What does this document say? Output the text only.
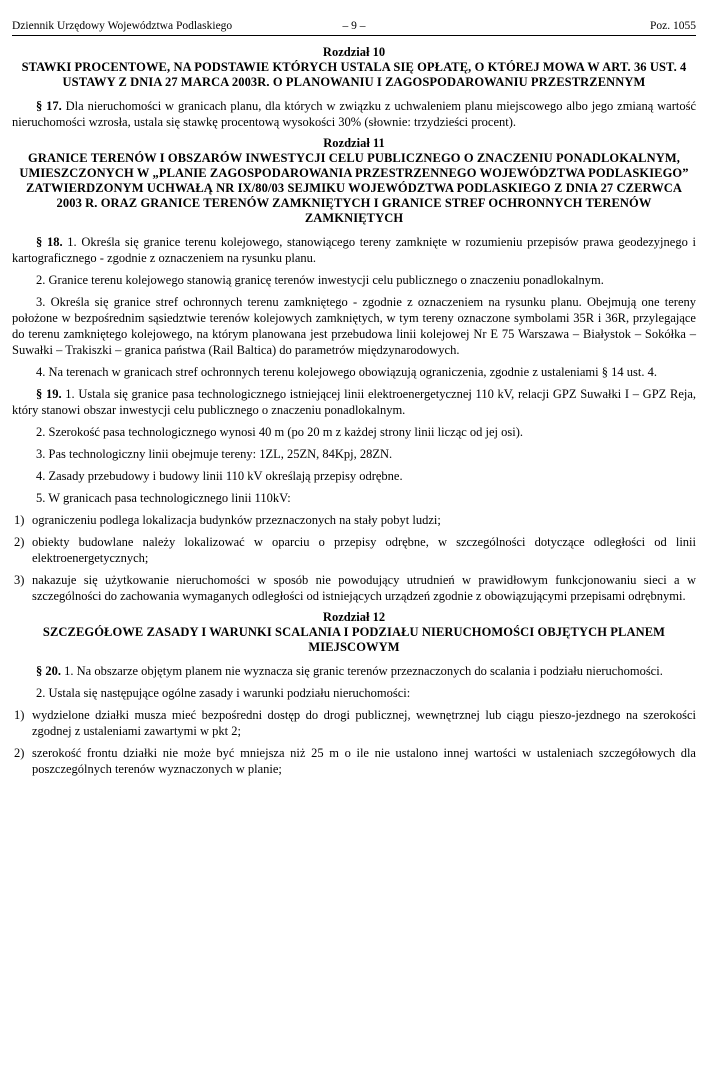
Dziennik Urzędowy Województwa Podlaskiego	– 9 –	Poz. 1055
Rozdział 10
STAWKI PROCENTOWE, NA PODSTAWIE KTÓRYCH USTALA SIĘ OPŁATĘ, O KTÓREJ MOWA W ART. 36 UST. 4 USTAWY Z DNIA 27 MARCA 2003R. O PLANOWANIU I ZAGOSPODAROWANIU PRZESTRZENNYM

§ 17. Dla nieruchomości w granicach planu, dla których w związku z uchwaleniem planu miejscowego albo jego zmianą wartość nieruchomości wzrosła, ustala się stawkę procentową wysokości 30% (słownie: trzydzieści procent).

Rozdział 11
GRANICE TERENÓW I OBSZARÓW INWESTYCJI CELU PUBLICZNEGO O ZNACZENIU PONADLOKALNYM, UMIESZCZONYCH W „PLANIE ZAGOSPODAROWANIA PRZESTRZENNEGO WOJEWÓDZTWA PODLASKIEGO” ZATWIERDZONYM UCHWAŁĄ NR IX/80/03 SEJMIKU WOJEWÓDZTWA PODLASKIEGO Z DNIA 27 CZERWCA 2003 R. ORAZ GRANICE TERENÓW ZAMKNIĘTYCH I GRANICE STREF OCHRONNYCH TERENÓW ZAMKNIĘTYCH

§ 18. 1. Określa się granice terenu kolejowego, stanowiącego tereny zamknięte w rozumieniu przepisów prawa geodezyjnego i kartograficznego - zgodnie z oznaczeniem na rysunku planu.

2. Granice terenu kolejowego stanowią granicę terenów inwestycji celu publicznego o znaczeniu ponadlokalnym.

3. Określa się granice stref ochronnych terenu zamkniętego - zgodnie z oznaczeniem na rysunku planu. Obejmują one tereny położone w bezpośrednim sąsiedztwie terenów kolejowych zamkniętych, w tym tereny oznaczone symbolami 35R i 36R, przylegające do terenu zamkniętego kolejowego, na którym planowana jest przebudowa linii kolejowej Nr E 75 Warszawa – Białystok – Sokółka – Suwałki – Trakiszki – granica państwa (Rail Baltica) do parametrów międzynarodowych.

4. Na terenach w granicach stref ochronnych terenu kolejowego obowiązują ograniczenia, zgodnie z ustaleniami § 14 ust. 4.

§ 19. 1. Ustala się granice pasa technologicznego istniejącej linii elektroenergetycznej 110 kV, relacji GPZ Suwałki I – GPZ Reja, który stanowi obszar inwestycji celu publicznego o znaczeniu ponadlokalnym.

2. Szerokość pasa technologicznego wynosi 40 m (po 20 m z każdej strony linii licząc od jej osi).

3. Pas technologiczny linii obejmuje tereny: 1ZL, 25ZN, 84Kpj, 28ZN.

4. Zasady przebudowy i budowy linii 110 kV określają przepisy odrębne.

5. W granicach pasa technologicznego linii 110kV:

1) ograniczeniu podlega lokalizacja budynków przeznaczonych na stały pobyt ludzi;
2) obiekty budowlane należy lokalizować w oparciu o przepisy odrębne, w szczególności dotyczące odległości od linii elektroenergetycznych;
3) nakazuje się użytkowanie nieruchomości w sposób nie powodujący utrudnień w prawidłowym funkcjonowaniu sieci a w szczególności do zachowania wymaganych odległości od istniejących urządzeń zgodnie z obowiązującymi przepisami odrębnymi.
Rozdział 12
SZCZEGÓŁOWE ZASADY I WARUNKI SCALANIA I PODZIAŁU NIERUCHOMOŚCI OBJĘTYCH PLANEM MIEJSCOWYM

§ 20. 1. Na obszarze objętym planem nie wyznacza się granic terenów przeznaczonych do scalania i podziału nieruchomości.

2. Ustala się następujące ogólne zasady i warunki podziału nieruchomości:

1) wydzielone działki musza mieć bezpośredni dostęp do drogi publicznej, wewnętrznej lub ciągu pieszo-jezdnego na szerokości zgodnej z ustaleniami zawartymi w pkt 2;
2) szerokość frontu działki nie może być mniejsza niż 25 m o ile nie ustalono innej wartości w ustaleniach szczegółowych dla poszczególnych terenów wyznaczonych w planie;
